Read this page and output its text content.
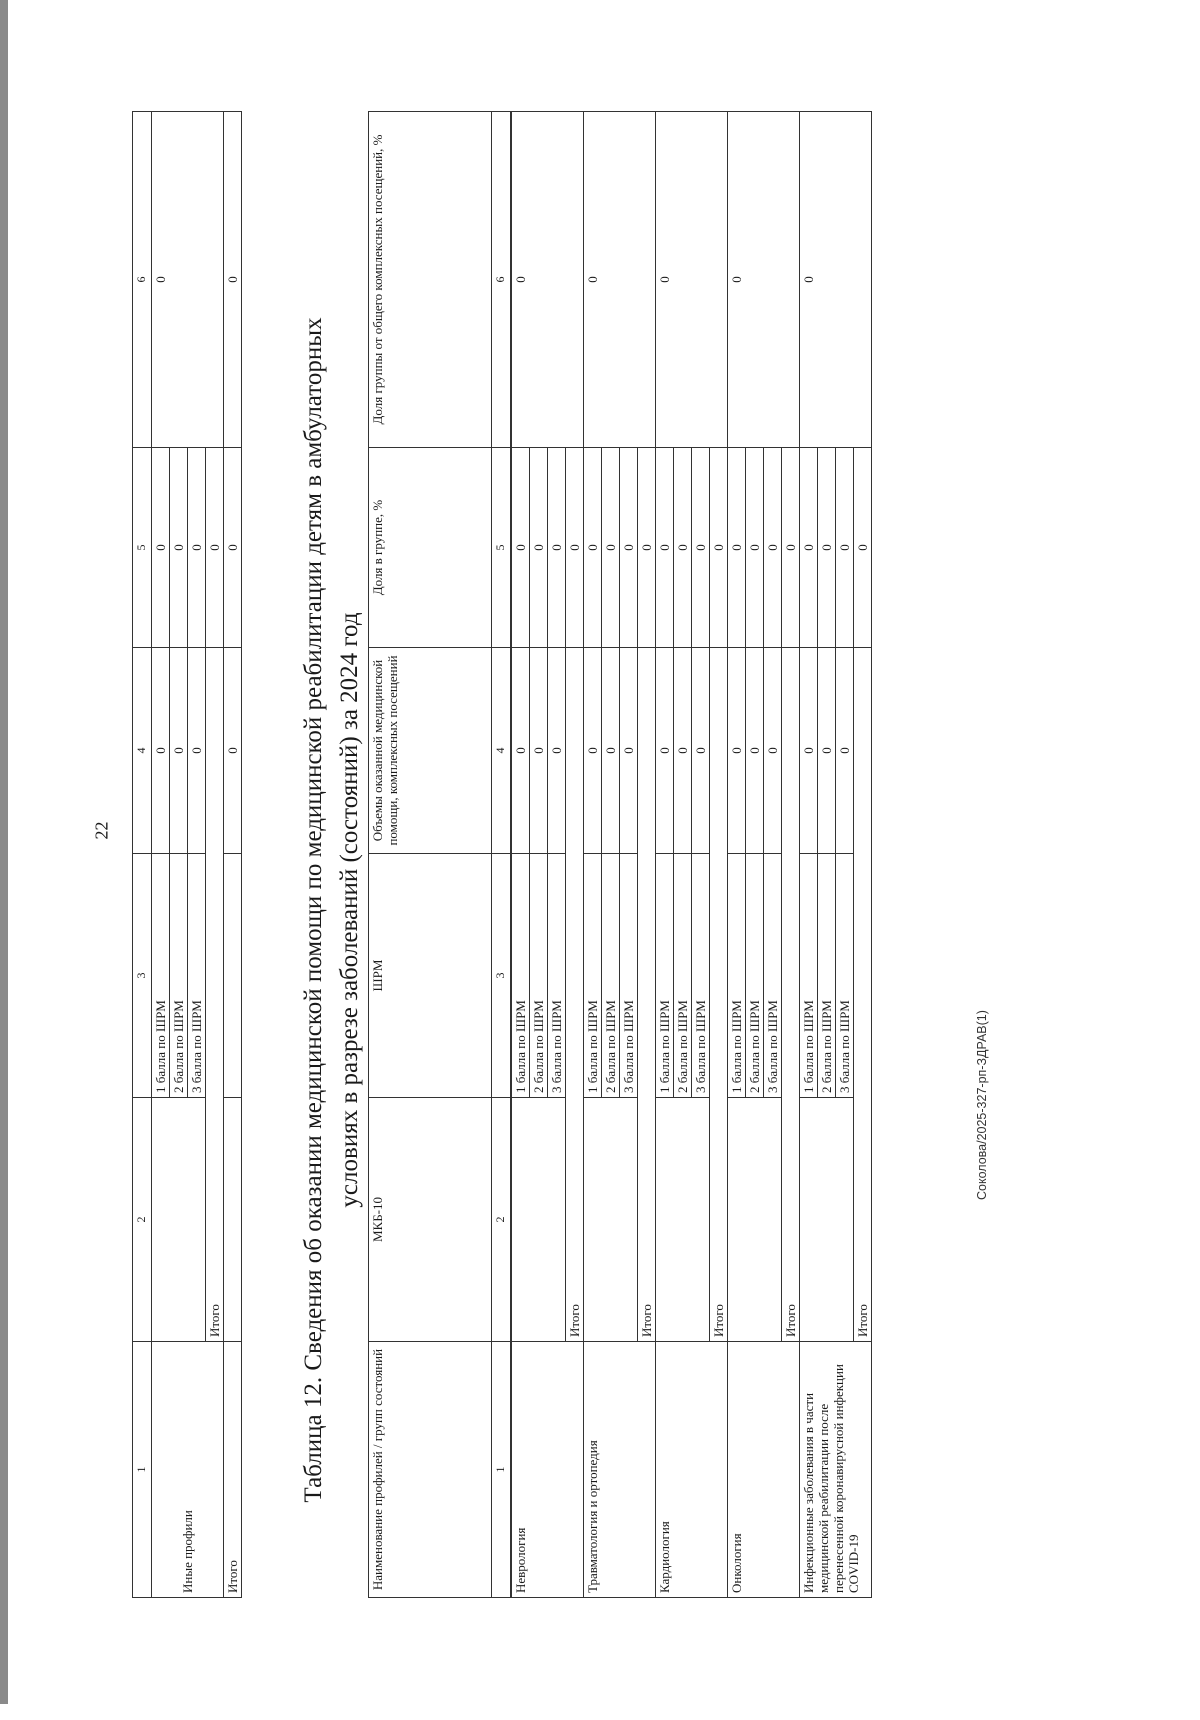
22
1	2	3	4	5	6
Иные профили		1 балла по ШРМ	0	0	0
		2 балла по ШРМ	0	0	
		3 балла по ШРМ	0	0	
	Итого			0	
Итого			0	0	0
Таблица 12. Сведения об оказании медицинской помощи по медицинской реабилитации детям в амбулаторных условиях в разрезе заболеваний (состояний) за 2024 год
Наименование профилей / групп состояний	МКБ-10	ШРМ	Объемы оказанной медицинской помощи, комплексных посещений	Доля в группе, %	Доля группы от общего комплексных посещений, %
1	2	3	4	5	6
Неврология		1 балла по ШРМ	0	0	0
		2 балла по ШРМ	0	0	
		3 балла по ШРМ	0	0	
	Итого			0	
Травматология и ортопедия		1 балла по ШРМ	0	0	0
		2 балла по ШРМ	0	0	
		3 балла по ШРМ	0	0	
	Итого			0	
Кардиология		1 балла по ШРМ	0	0	0
		2 балла по ШРМ	0	0	
		3 балла по ШРМ	0	0	
	Итого			0	
Онкология		1 балла по ШРМ	0	0	0
		2 балла по ШРМ	0	0	
		3 балла по ШРМ	0	0	
	Итого			0	
Инфекционные заболевания в части медицинской реабилитации после перенесенной коронавирусной инфекции COVID-19		1 балла по ШРМ	0	0	0
		2 балла по ШРМ	0	0	
		3 балла по ШРМ	0	0	
	Итого			0	
Соколова/2025-327-рп-ЗДРАВ(1)
